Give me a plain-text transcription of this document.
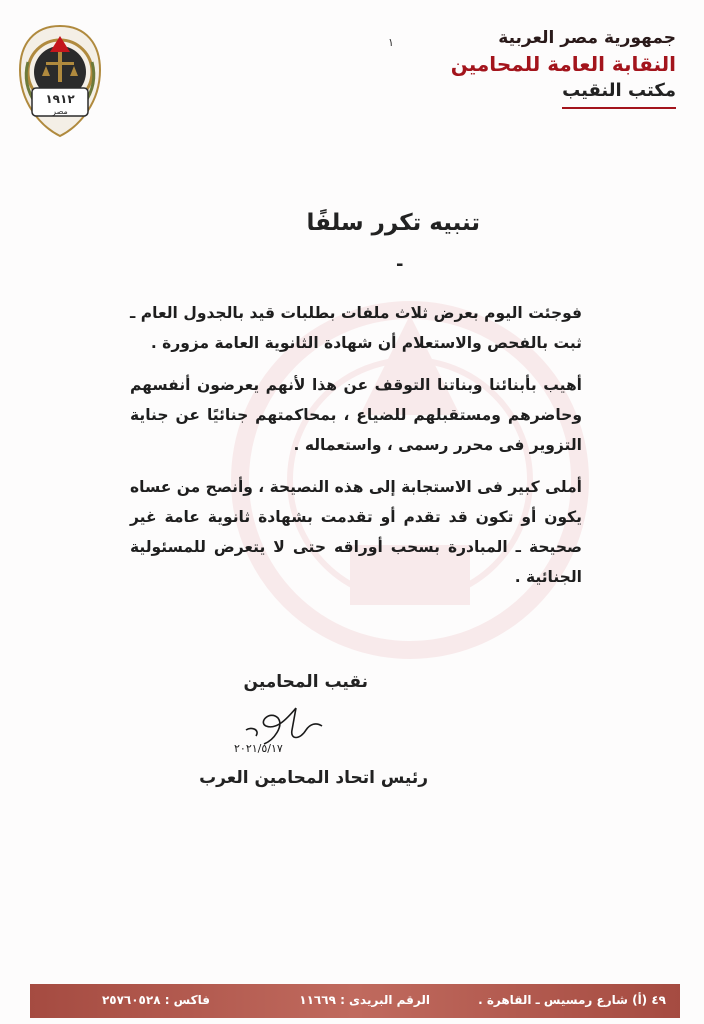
١٩١٢
مصر
جمهورية مصر العربية
النقابة العامة للمحامين
مكتب النقيب
١
تنبيه تكرر سلفًا
-

فوجئت اليوم بعرض ثلاث ملفات بطلبات قيد بالجدول العام ـ ثبت بالفحص والاستعلام أن شهادة الثانوية العامة مزورة .

أهيب بأبنائنا وبناتنا التوقف عن هذا لأنهم يعرضون أنفسهم وحاضرهم ومستقبلهم للضياع ، بمحاكمتهم جنائيًا عن جناية التزوير فى محرر رسمى ، واستعماله .

أملى كبير فى الاستجابة إلى هذه النصيحة ، وأنصح من عساه يكون أو تكون قد تقدم أو تقدمت بشهادة ثانوية عامة غير صحيحة ـ المبادرة بسحب أوراقه حتى لا يتعرض للمسئولية الجنائية .

نقيب المحامين
٢٠٢١/٥/١٧
رئيس اتحاد المحامين العرب
٤٩ (أ) شارع رمسيس ـ القاهرة .
الرقم البريدى : ١١٦٦٩
فاكس : ٢٥٧٦٠٥٢٨
